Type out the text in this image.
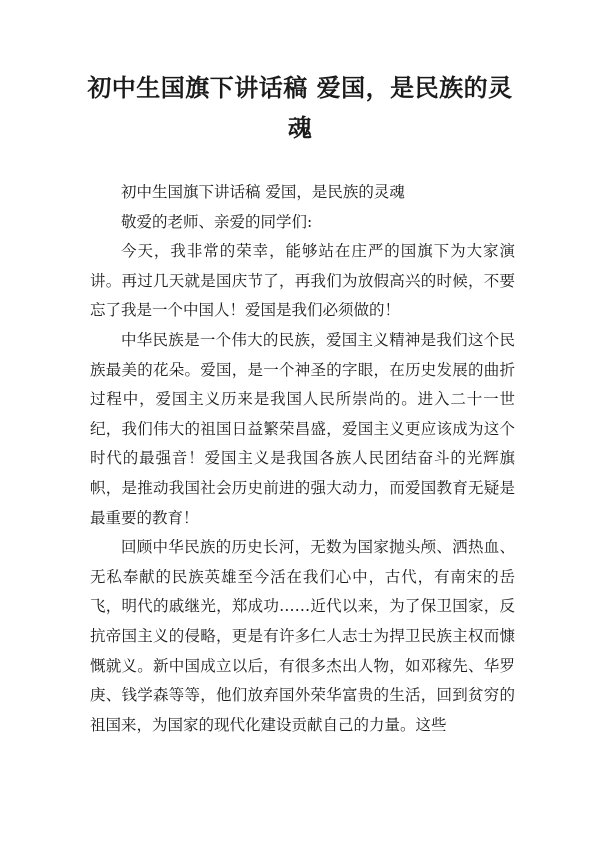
初中生国旗下讲话稿 爱国，是民族的灵魂

初中生国旗下讲话稿 爱国，是民族的灵魂

敬爱的老师、亲爱的同学们:

今天，我非常的荣幸，能够站在庄严的国旗下为大家演讲。再过几天就是国庆节了，再我们为放假高兴的时候，不要忘了我是一个中国人！爱国是我们必须做的！

中华民族是一个伟大的民族，爱国主义精神是我们这个民族最美的花朵。爱国，是一个神圣的字眼，在历史发展的曲折过程中，爱国主义历来是我国人民所崇尚的。进入二十一世纪，我们伟大的祖国日益繁荣昌盛，爱国主义更应该成为这个时代的最强音！爱国主义是我国各族人民团结奋斗的光辉旗帜，是推动我国社会历史前进的强大动力，而爱国教育无疑是最重要的教育！

回顾中华民族的历史长河，无数为国家抛头颅、洒热血、无私奉献的民族英雄至今活在我们心中，古代，有南宋的岳飞，明代的戚继光，郑成功……近代以来，为了保卫国家，反抗帝国主义的侵略，更是有许多仁人志士为捍卫民族主权而慷慨就义。新中国成立以后，有很多杰出人物，如邓稼先、华罗庚、钱学森等等，他们放弃国外荣华富贵的生活，回到贫穷的祖国来，为国家的现代化建设贡献自己的力量。这些
